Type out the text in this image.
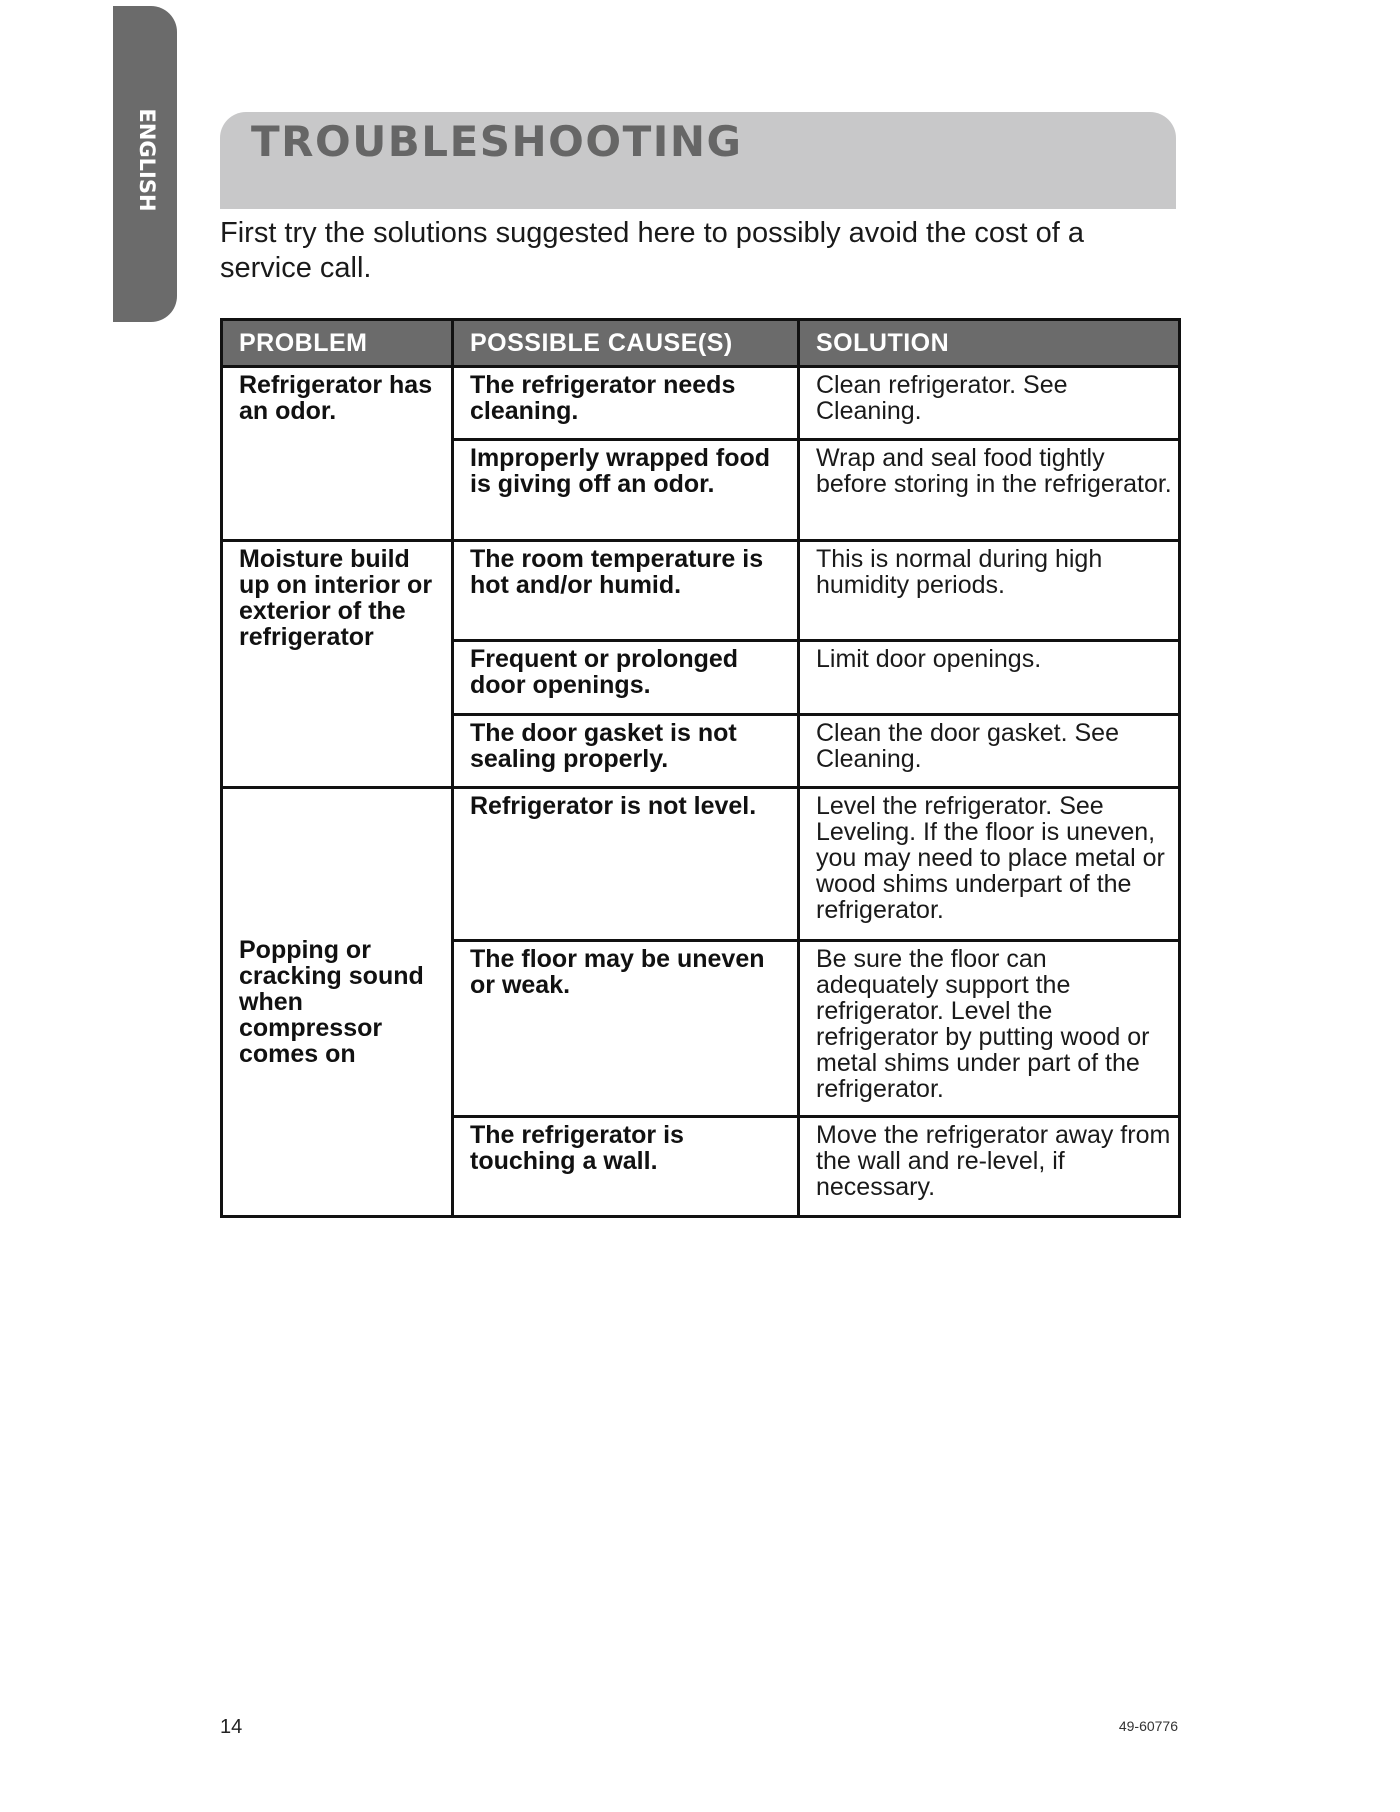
ENGLISH TROUBLESHOOTING

First try the solutions suggested here to possibly avoid the cost of a service call.

PROBLEM	POSSIBLE CAUSE(S)	SOLUTION
Refrigerator has an odor.	The refrigerator needs cleaning.	Clean refrigerator. See Cleaning.
	Improperly wrapped food is giving off an odor.	Wrap and seal food tightly before storing in the refrigerator.
Moisture build up on interior or exterior of the refrigerator	The room temperature is hot and/or humid.	This is normal during high humidity periods.
	Frequent or prolonged door openings.	Limit door openings.
	The door gasket is not sealing properly.	Clean the door gasket. See Cleaning.
Popping or cracking sound when compressor comes on	Refrigerator is not level.	Level the refrigerator. See Leveling. If the floor is uneven, you may need to place metal or wood shims underpart of the refrigerator.
	The floor may be uneven or weak.	Be sure the floor can adequately support the refrigerator. Level the refrigerator by putting wood or metal shims under part of the refrigerator.
	The refrigerator is touching a wall.	Move the refrigerator away from the wall and re-level, if necessary.
14	49-60776
